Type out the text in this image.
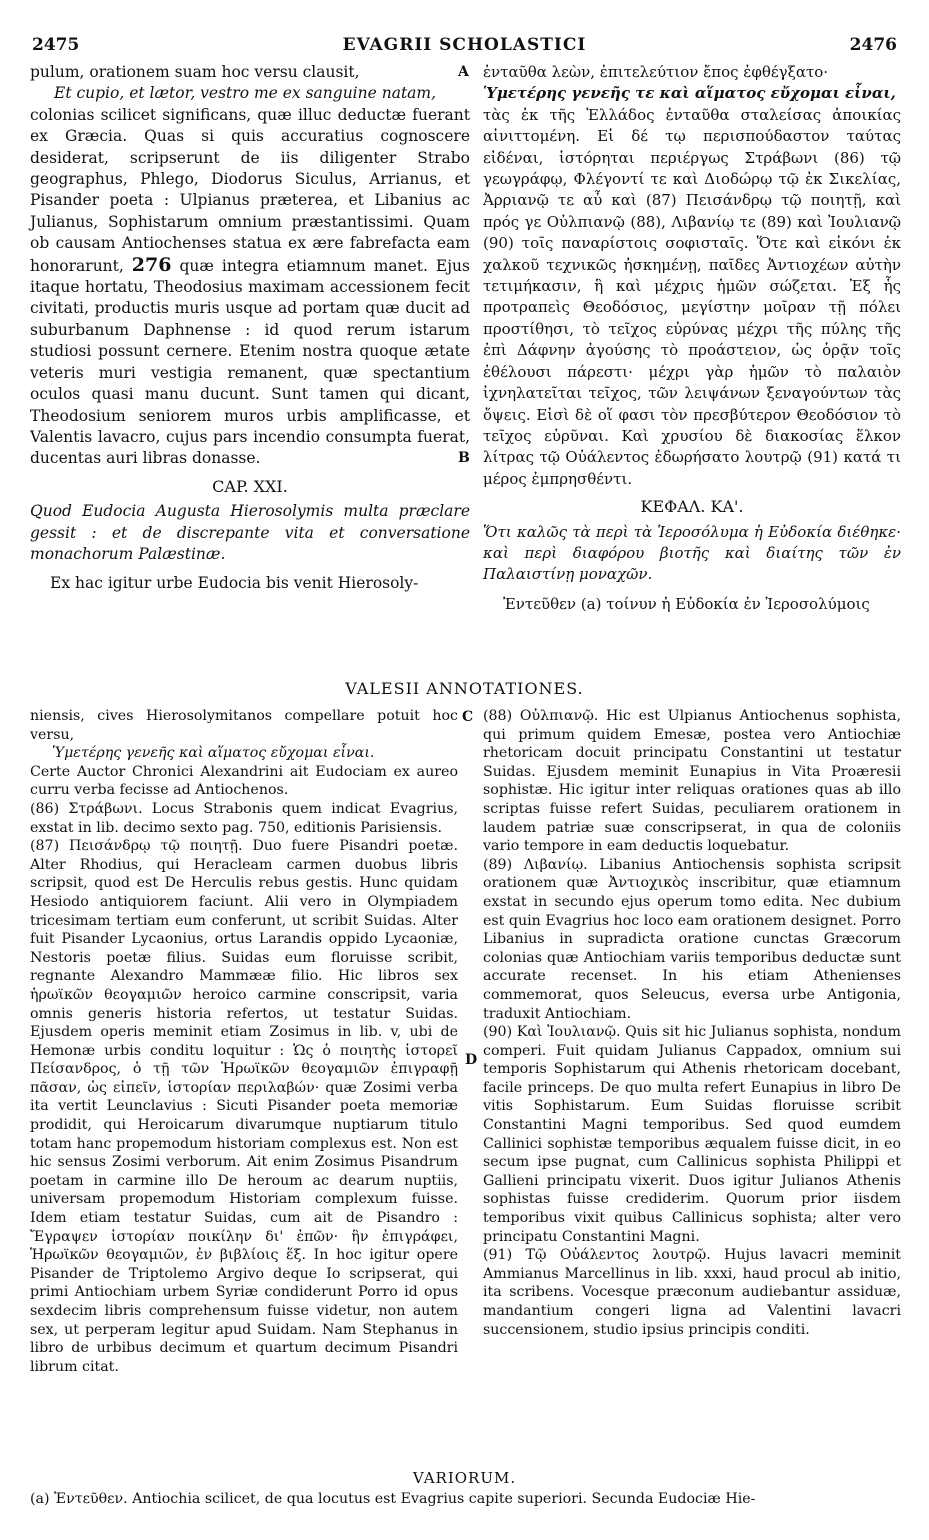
2475	EVAGRII SCHOLASTICI	2476
A
B
C
D

pulum, orationem suam hoc versu clausit,

Et cupio, et lætor, vestro me ex sanguine natam,

colonias scilicet significans, quæ illuc deductæ fuerant ex Græcia. Quas si quis accuratius cognoscere desiderat, scripserunt de iis diligenter Strabo geographus, Phlego, Diodorus Siculus, Arrianus, et Pisander poeta : Ulpianus præterea, et Libanius ac Julianus, Sophistarum omnium præstantissimi. Quam ob causam Antiochenses statua ex ære fabrefacta eam honorarunt, 276 quæ integra etiamnum manet. Ejus itaque hortatu, Theodosius maximam accessionem fecit civitati, productis muris usque ad portam quæ ducit ad suburbanum Daphnense : id quod rerum istarum studiosi possunt cernere. Etenim nostra quoque ætate veteris muri vestigia remanent, quæ spectantium oculos quasi manu ducunt. Sunt tamen qui dicant, Theodosium seniorem muros urbis amplificasse, et Valentis lavacro, cujus pars incendio consumpta fuerat, ducentas auri libras donasse.

CAP. XXI.

Quod Eudocia Augusta Hierosolymis multa præclare gessit : et de discrepante vita et conversatione monachorum Palæstinæ.

Ex hac igitur urbe Eudocia bis venit Hierosoly-

ἐνταῦθα λεὼν, ἐπιτελεύτιον ἔπος ἐφθέγξατο·

Ὑμετέρης γενεῆς τε καὶ αἵματος εὔχομαι εἶναι,

τὰς ἐκ τῆς Ἑλλάδος ἐνταῦθα σταλείσας ἀποικίας αἰνιττομένη. Εἰ δέ τῳ περισπούδαστον ταύτας εἰδέναι, ἱστόρηται περιέργως Στράβωνι (86) τῷ γεωγράφῳ, Φλέγοντί τε καὶ Διοδώρῳ τῷ ἐκ Σικελίας, Ἀρριανῷ τε αὖ καὶ (87) Πεισάνδρῳ τῷ ποιητῇ, καὶ πρός γε Οὐλπιανῷ (88), Λιβανίῳ τε (89) καὶ Ἰουλιανῷ (90) τοῖς παναρίστοις σοφισταῖς. Ὅτε καὶ εἰκόνι ἐκ χαλκοῦ τεχνικῶς ἠσκημένῃ, παῖδες Ἀντιοχέων αὐτὴν τετιμήκασιν, ἣ καὶ μέχρις ἡμῶν σώζεται. Ἐξ ἧς προτραπεὶς Θεοδόσιος, μεγίστην μοῖραν τῇ πόλει προστίθησι, τὸ τεῖχος εὐρύνας μέχρι τῆς πύλης τῆς ἐπὶ Δάφνην ἀγούσης τὸ προάστειον, ὡς ὁρᾷν τοῖς ἐθέλουσι πάρεστι· μέχρι γὰρ ἡμῶν τὸ παλαιὸν ἰχνηλατεῖται τεῖχος, τῶν λειψάνων ξεναγούντων τὰς ὄψεις. Εἰσὶ δὲ οἵ φασι τὸν πρεσβύτερον Θεοδόσιον τὸ τεῖχος εὐρῦναι. Καὶ χρυσίου δὲ διακοσίας ἕλκον λίτρας τῷ Οὐάλεντος ἐδωρήσατο λουτρῷ (91) κατά τι μέρος ἐμπρησθέντι.

ΚΕΦΑΛ. ΚΑ'.

Ὅτι καλῶς τὰ περὶ τὰ Ἱεροσόλυμα ἡ Εὐδοκία διέθηκε· καὶ περὶ διαφόρου βιοτῆς καὶ διαίτης τῶν ἐν Παλαιστίνῃ μοναχῶν.

Ἐντεῦθεν (a) τοίνυν ἡ Εὐδοκία ἐν Ἱεροσολύμοις

VALESII ANNOTATIONES.

niensis, cives Hierosolymitanos compellare potuit hoc versu,

Ὑμετέρης γενεῆς καὶ αἵματος εὔχομαι εἶναι.

Certe Auctor Chronici Alexandrini ait Eudociam ex aureo curru verba fecisse ad Antiochenos.

(86) Στράβωνι. Locus Strabonis quem indicat Evagrius, exstat in lib. decimo sexto pag. 750, editionis Parisiensis.

(87) Πεισάνδρῳ τῷ ποιητῇ. Duo fuere Pisandri poetæ. Alter Rhodius, qui Heracleam carmen duobus libris scripsit, quod est De Herculis rebus gestis. Hunc quidam Hesiodo antiquiorem faciunt. Alii vero in Olympiadem tricesimam tertiam eum conferunt, ut scribit Suidas. Alter fuit Pisander Lycaonius, ortus Larandis oppido Lycaoniæ, Nestoris poetæ filius. Suidas eum floruisse scribit, regnante Alexandro Mammææ filio. Hic libros sex ἡρωϊκῶν θεογαμιῶν heroico carmine conscripsit, varia omnis generis historia refertos, ut testatur Suidas. Ejusdem operis meminit etiam Zosimus in lib. v, ubi de Hemonæ urbis conditu loquitur : Ὡς ὁ ποιητὴς ἱστορεῖ Πείσανδρος, ὁ τῇ τῶν Ἡρωϊκῶν θεογαμιῶν ἐπιγραφῇ πᾶσαν, ὡς εἰπεῖν, ἱστορίαν περιλαβών· quæ Zosimi verba ita vertit Leunclavius : Sicuti Pisander poeta memoriæ prodidit, qui Heroicarum divarumque nuptiarum titulo totam hanc propemodum historiam complexus est. Non est hic sensus Zosimi verborum. Ait enim Zosimus Pisandrum poetam in carmine illo De heroum ac dearum nuptiis, universam propemodum Historiam complexum fuisse. Idem etiam testatur Suidas, cum ait de Pisandro : Ἔγραψεν ἱστορίαν ποικίλην δι' ἐπῶν· ἣν ἐπιγράφει, Ἡρωϊκῶν θεογαμιῶν, ἐν βιβλίοις ἕξ. In hoc igitur opere Pisander de Triptolemo Argivo deque Io scripserat, qui primi Antiochiam urbem Syriæ condiderunt Porro id opus sexdecim libris comprehensum fuisse videtur, non autem sex, ut perperam legitur apud Suidam. Nam Stephanus in libro de urbibus decimum et quartum decimum Pisandri librum citat.

(88) Οὐλπιανῷ. Hic est Ulpianus Antiochenus sophista, qui primum quidem Emesæ, postea vero Antiochiæ rhetoricam docuit principatu Constantini ut testatur Suidas. Ejusdem meminit Eunapius in Vita Proæresii sophistæ. Hic igitur inter reliquas orationes quas ab illo scriptas fuisse refert Suidas, peculiarem orationem in laudem patriæ suæ conscripserat, in qua de coloniis vario tempore in eam deductis loquebatur.

(89) Λιβανίῳ. Libanius Antiochensis sophista scripsit orationem quæ Ἀντιοχικὸς inscribitur, quæ etiamnum exstat in secundo ejus operum tomo edita. Nec dubium est quin Evagrius hoc loco eam orationem designet. Porro Libanius in supradicta oratione cunctas Græcorum colonias quæ Antiochiam variis temporibus deductæ sunt accurate recenset. In his etiam Athenienses commemorat, quos Seleucus, eversa urbe Antigonia, traduxit Antiochiam.

(90) Καὶ Ἰουλιανῷ. Quis sit hic Julianus sophista, nondum comperi. Fuit quidam Julianus Cappadox, omnium sui temporis Sophistarum qui Athenis rhetoricam docebant, facile princeps. De quo multa refert Eunapius in libro De vitis Sophistarum. Eum Suidas floruisse scribit Constantini Magni temporibus. Sed quod eumdem Callinici sophistæ temporibus æqualem fuisse dicit, in eo secum ipse pugnat, cum Callinicus sophista Philippi et Gallieni principatu vixerit. Duos igitur Julianos Athenis sophistas fuisse crediderim. Quorum prior iisdem temporibus vixit quibus Callinicus sophista; alter vero principatu Constantini Magni.

(91) Τῷ Οὐάλεντος λουτρῷ. Hujus lavacri meminit Ammianus Marcellinus in lib. xxxi, haud procul ab initio, ita scribens. Vocesque præconum audiebantur assiduæ, mandantium congeri ligna ad Valentini lavacri succensionem, studio ipsius principis conditi.

VARIORUM.
(a) Ἐντεῦθεν. Antiochia scilicet, de qua locutus est Evagrius capite superiori. Secunda Eudociæ Hie-
